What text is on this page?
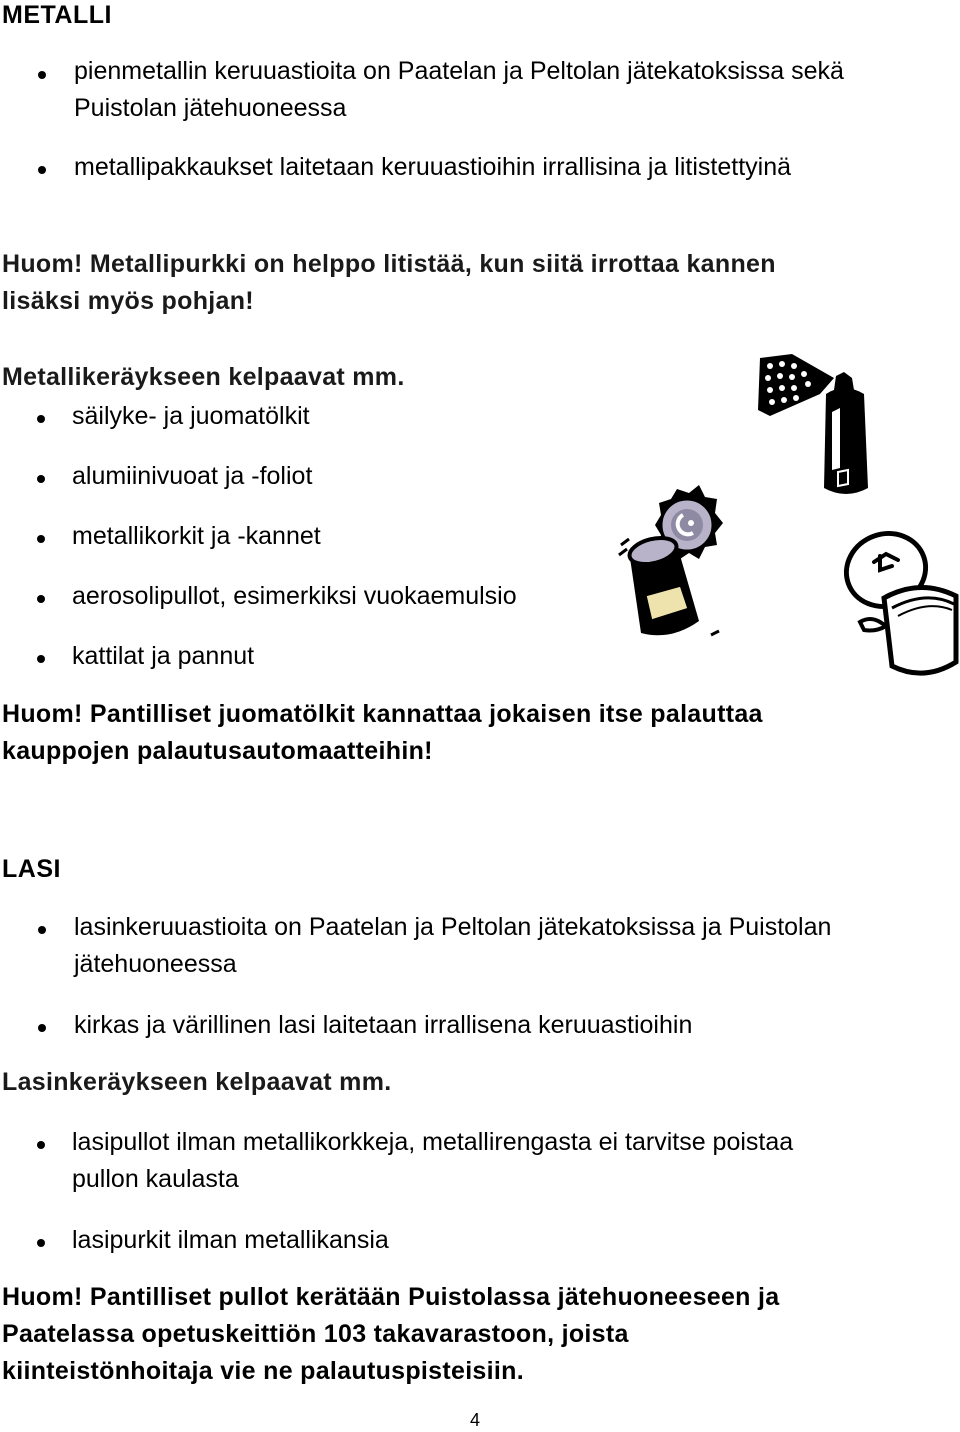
METALLI
pienmetallin keruuastioita on Paatelan ja Peltolan jätekatoksissa sekä
Puistolan jätehuoneessa
metallipakkaukset laitetaan keruuastioihin irrallisina ja litistettyinä
Huom! Metallipurkki on helppo litistää, kun siitä irrottaa kannen
lisäksi myös pohjan!
Metallikeräykseen kelpaavat mm.
säilyke- ja juomatölkit
alumiinivuoat ja -foliot
metallikorkit ja -kannet
aerosolipullot, esimerkiksi vuokaemulsio
kattilat ja pannut
Huom! Pantilliset juomatölkit kannattaa jokaisen itse palauttaa
kauppojen palautusautomaatteihin!
LASI
lasinkeruuastioita on Paatelan ja Peltolan jätekatoksissa ja Puistolan
jätehuoneessa
kirkas ja värillinen lasi laitetaan irrallisena keruuastioihin
Lasinkeräykseen kelpaavat mm.
lasipullot ilman metallikorkkeja, metallirengasta ei tarvitse poistaa
pullon kaulasta
lasipurkit ilman metallikansia
Huom! Pantilliset pullot kerätään Puistolassa jätehuoneeseen ja
Paatelassa opetuskeittiön 103 takavarastoon, joista
kiinteistönhoitaja vie ne palautuspisteisiin.
4
